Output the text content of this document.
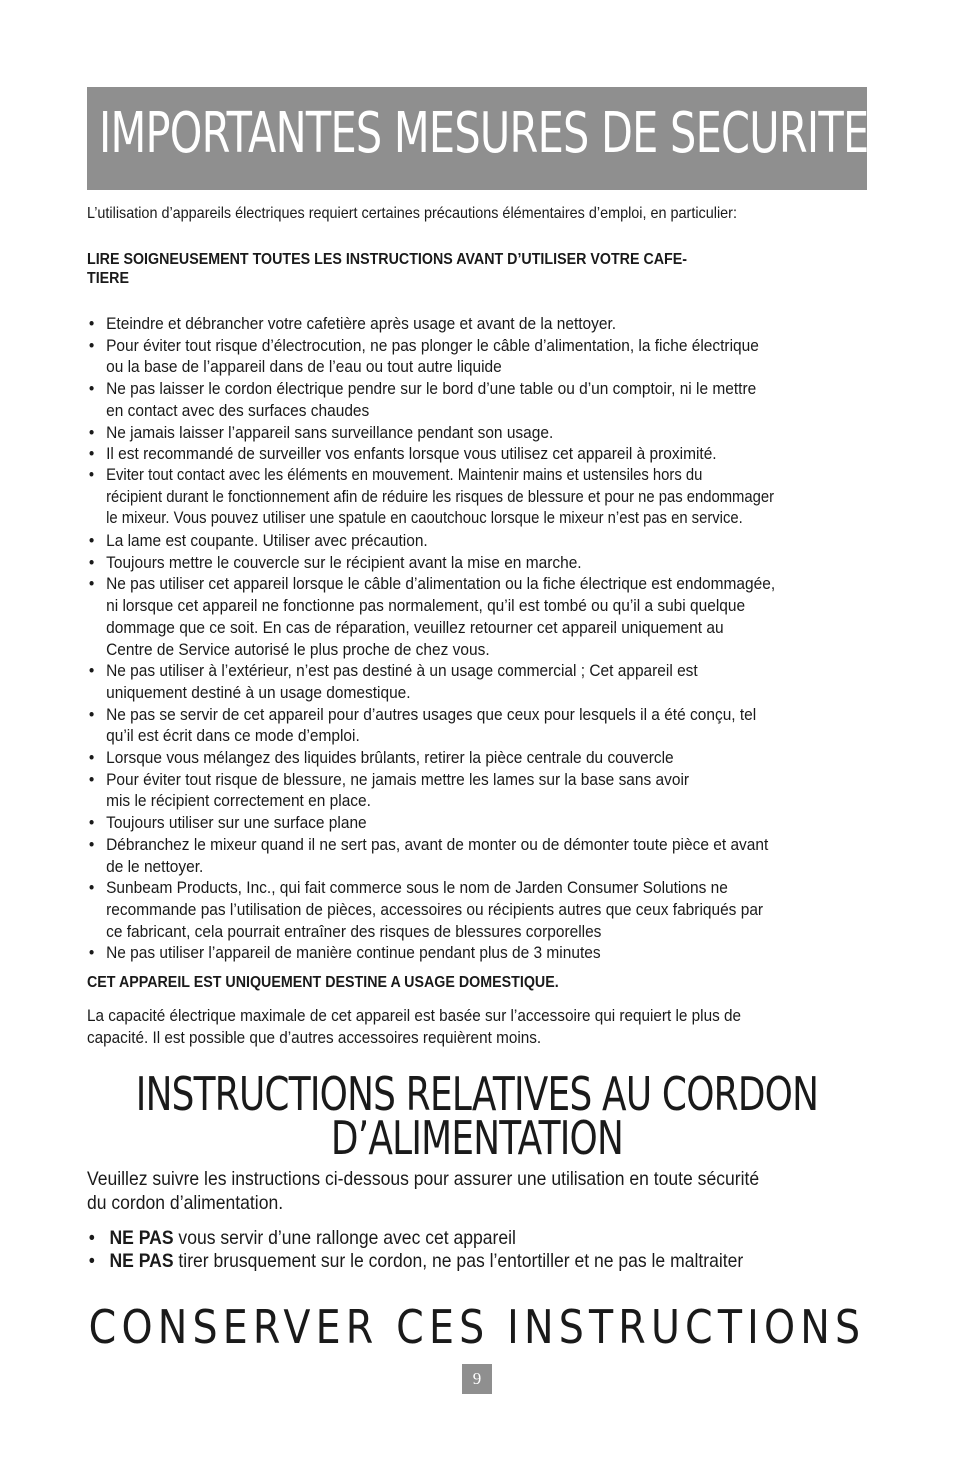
IMPORTANTES MESURES DE SECURITE
L’utilisation d’appareils électriques requiert certaines précautions élémentaires d’emploi, en particulier:
LIRE SOIGNEUSEMENT TOUTES LES INSTRUCTIONS AVANT D’UTILISER VOTRE CAFE-
TIERE
• Eteindre et débrancher votre cafetière après usage et avant de la nettoyer.
• Pour éviter tout risque d’électrocution, ne pas plonger le câble d’alimentation, la fiche électrique
ou la base de l’appareil dans de l’eau ou tout autre liquide
• Ne pas laisser le cordon électrique pendre sur le bord d’une table ou d’un comptoir, ni le mettre
en contact avec des surfaces chaudes
• Ne jamais laisser l’appareil sans surveillance pendant son usage.
• Il est recommandé de surveiller vos enfants lorsque vous utilisez cet appareil à proximité.
• Eviter tout contact avec les éléments en mouvement. Maintenir mains et ustensiles hors du
récipient durant le fonctionnement afin de réduire les risques de blessure et pour ne pas endommager
le mixeur. Vous pouvez utiliser une spatule en caoutchouc lorsque le mixeur n’est pas en service.
• La lame est coupante. Utiliser avec précaution.
• Toujours mettre le couvercle sur le récipient avant la mise en marche.
• Ne pas utiliser cet appareil lorsque le câble d’alimentation ou la fiche électrique est endommagée,
ni lorsque cet appareil ne fonctionne pas normalement, qu’il est tombé ou qu’il a subi quelque
dommage que ce soit. En cas de réparation, veuillez retourner cet appareil uniquement au
Centre de Service autorisé le plus proche de chez vous.
• Ne pas utiliser à l’extérieur, n’est pas destiné à un usage commercial ; Cet appareil est
uniquement destiné à un usage domestique.
• Ne pas se servir de cet appareil pour d’autres usages que ceux pour lesquels il a été conçu, tel
qu’il est écrit dans ce mode d’emploi.
• Lorsque vous mélangez des liquides brûlants, retirer la pièce centrale du couvercle
• Pour éviter tout risque de blessure, ne jamais mettre les lames sur la base sans avoir
mis le récipient correctement en place.
• Toujours utiliser sur une surface plane
• Débranchez le mixeur quand il ne sert pas, avant de monter ou de démonter toute pièce et avant
de le nettoyer.
• Sunbeam Products, Inc., qui fait commerce sous le nom de Jarden Consumer Solutions ne
recommande pas l’utilisation de pièces, accessoires ou récipients autres que ceux fabriqués par
ce fabricant, cela pourrait entraîner des risques de blessures corporelles
• Ne pas utiliser l’appareil de manière continue pendant plus de 3 minutes
CET APPAREIL EST UNIQUEMENT DESTINE A USAGE DOMESTIQUE.
La capacité électrique maximale de cet appareil est basée sur l’accessoire qui requiert le plus de
capacité. Il est possible que d’autres accessoires requièrent moins.
INSTRUCTIONS RELATIVES AU CORDON
D’ALIMENTATION
Veuillez suivre les instructions ci-dessous pour assurer une utilisation en toute sécurité
du cordon d’alimentation.
• NE PAS vous servir d’une rallonge avec cet appareil
• NE PAS tirer brusquement sur le cordon, ne pas l’entortiller et ne pas le maltraiter
CONSERVER CES INSTRUCTIONS
9
